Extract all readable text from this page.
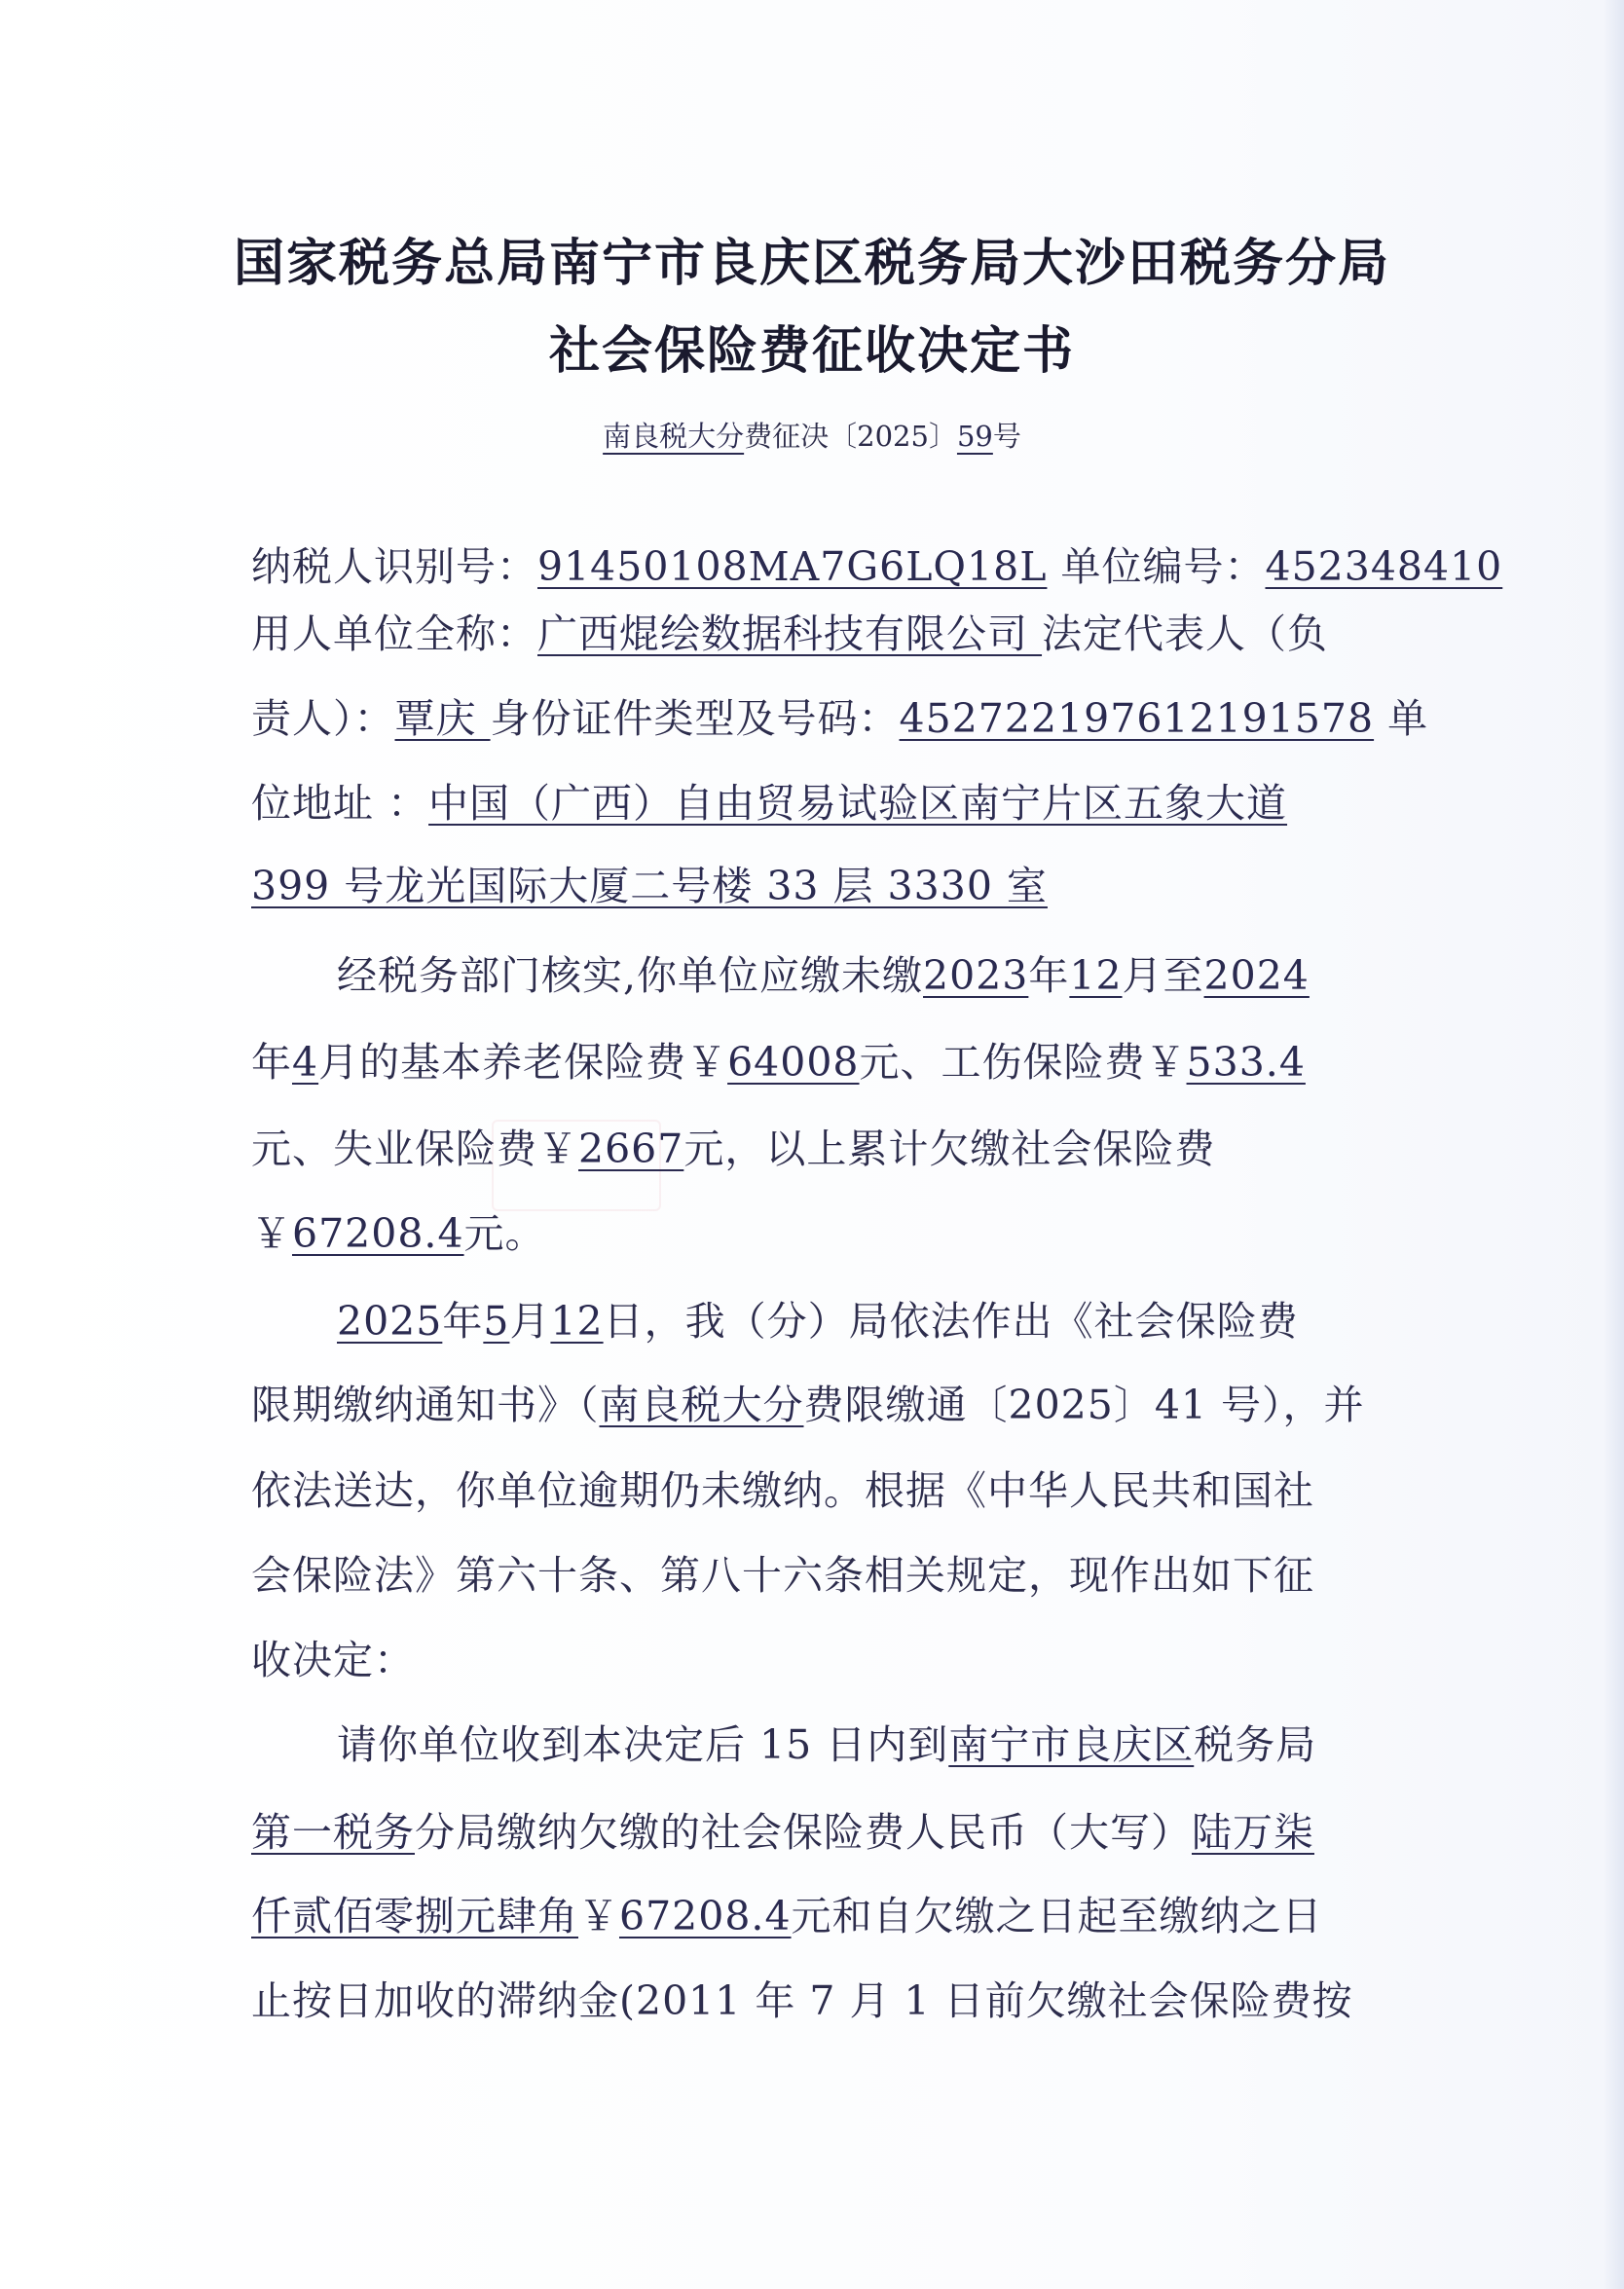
国家税务总局南宁市良庆区税务局大沙田税务分局
社会保险费征收决定书
南良税大分费征决〔2025〕59号
纳税人识别号：91450108MA7G6LQ18L 单位编号：452348410
用人单位全称：广西焜绘数据科技有限公司 法定代表人（负
责人）：覃庆 身份证件类型及号码：452722197612191578 单
位地址 ：中国（广西）自由贸易试验区南宁片区五象大道
399 号龙光国际大厦二号楼 33 层 3330 室
经税务部门核实,你单位应缴未缴2023年12月至2024
年4月的基本养老保险费￥64008元、工伤保险费￥533.4
元、失业保险费￥2667元，以上累计欠缴社会保险费
￥67208.4元。
2025年5月12日，我（分）局依法作出《社会保险费
限期缴纳通知书》（南良税大分费限缴通〔2025〕41 号），并
依法送达，你单位逾期仍未缴纳。根据《中华人民共和国社
会保险法》第六十条、第八十六条相关规定，现作出如下征
收决定：
请你单位收到本决定后 15 日内到南宁市良庆区税务局
第一税务分局缴纳欠缴的社会保险费人民币（大写）陆万柒
仟贰佰零捌元肆角￥67208.4元和自欠缴之日起至缴纳之日
止按日加收的滞纳金(2011 年 7 月 1 日前欠缴社会保险费按
